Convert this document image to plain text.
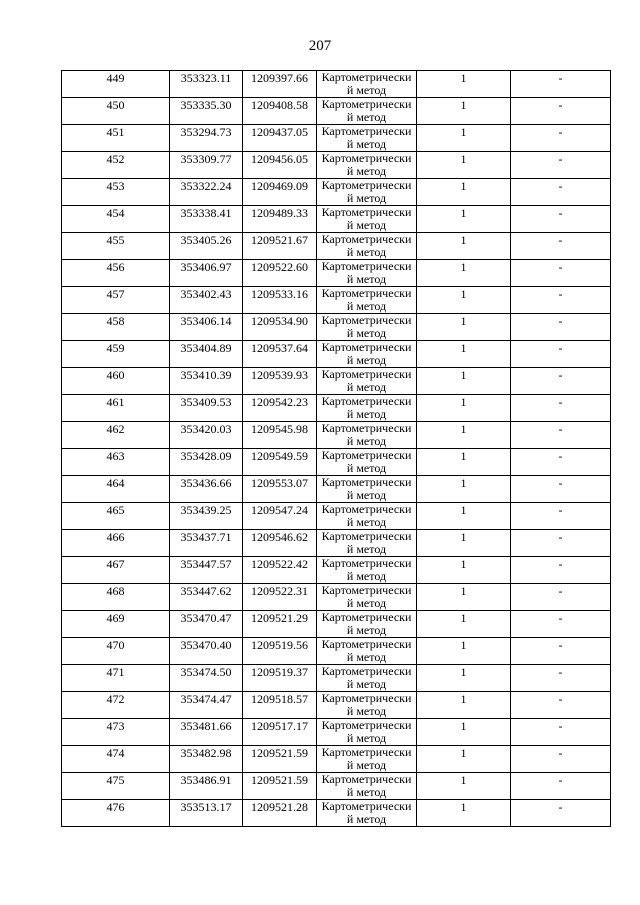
207
449	353323.11	1209397.66	Картометрически
й метод	1	-
450	353335.30	1209408.58	Картометрически
й метод	1	-
451	353294.73	1209437.05	Картометрически
й метод	1	-
452	353309.77	1209456.05	Картометрически
й метод	1	-
453	353322.24	1209469.09	Картометрически
й метод	1	-
454	353338.41	1209489.33	Картометрически
й метод	1	-
455	353405.26	1209521.67	Картометрически
й метод	1	-
456	353406.97	1209522.60	Картометрически
й метод	1	-
457	353402.43	1209533.16	Картометрически
й метод	1	-
458	353406.14	1209534.90	Картометрически
й метод	1	-
459	353404.89	1209537.64	Картометрически
й метод	1	-
460	353410.39	1209539.93	Картометрически
й метод	1	-
461	353409.53	1209542.23	Картометрически
й метод	1	-
462	353420.03	1209545.98	Картометрически
й метод	1	-
463	353428.09	1209549.59	Картометрически
й метод	1	-
464	353436.66	1209553.07	Картометрически
й метод	1	-
465	353439.25	1209547.24	Картометрически
й метод	1	-
466	353437.71	1209546.62	Картометрически
й метод	1	-
467	353447.57	1209522.42	Картометрически
й метод	1	-
468	353447.62	1209522.31	Картометрически
й метод	1	-
469	353470.47	1209521.29	Картометрически
й метод	1	-
470	353470.40	1209519.56	Картометрически
й метод	1	-
471	353474.50	1209519.37	Картометрически
й метод	1	-
472	353474.47	1209518.57	Картометрически
й метод	1	-
473	353481.66	1209517.17	Картометрически
й метод	1	-
474	353482.98	1209521.59	Картометрически
й метод	1	-
475	353486.91	1209521.59	Картометрически
й метод	1	-
476	353513.17	1209521.28	Картометрически
й метод	1	-
